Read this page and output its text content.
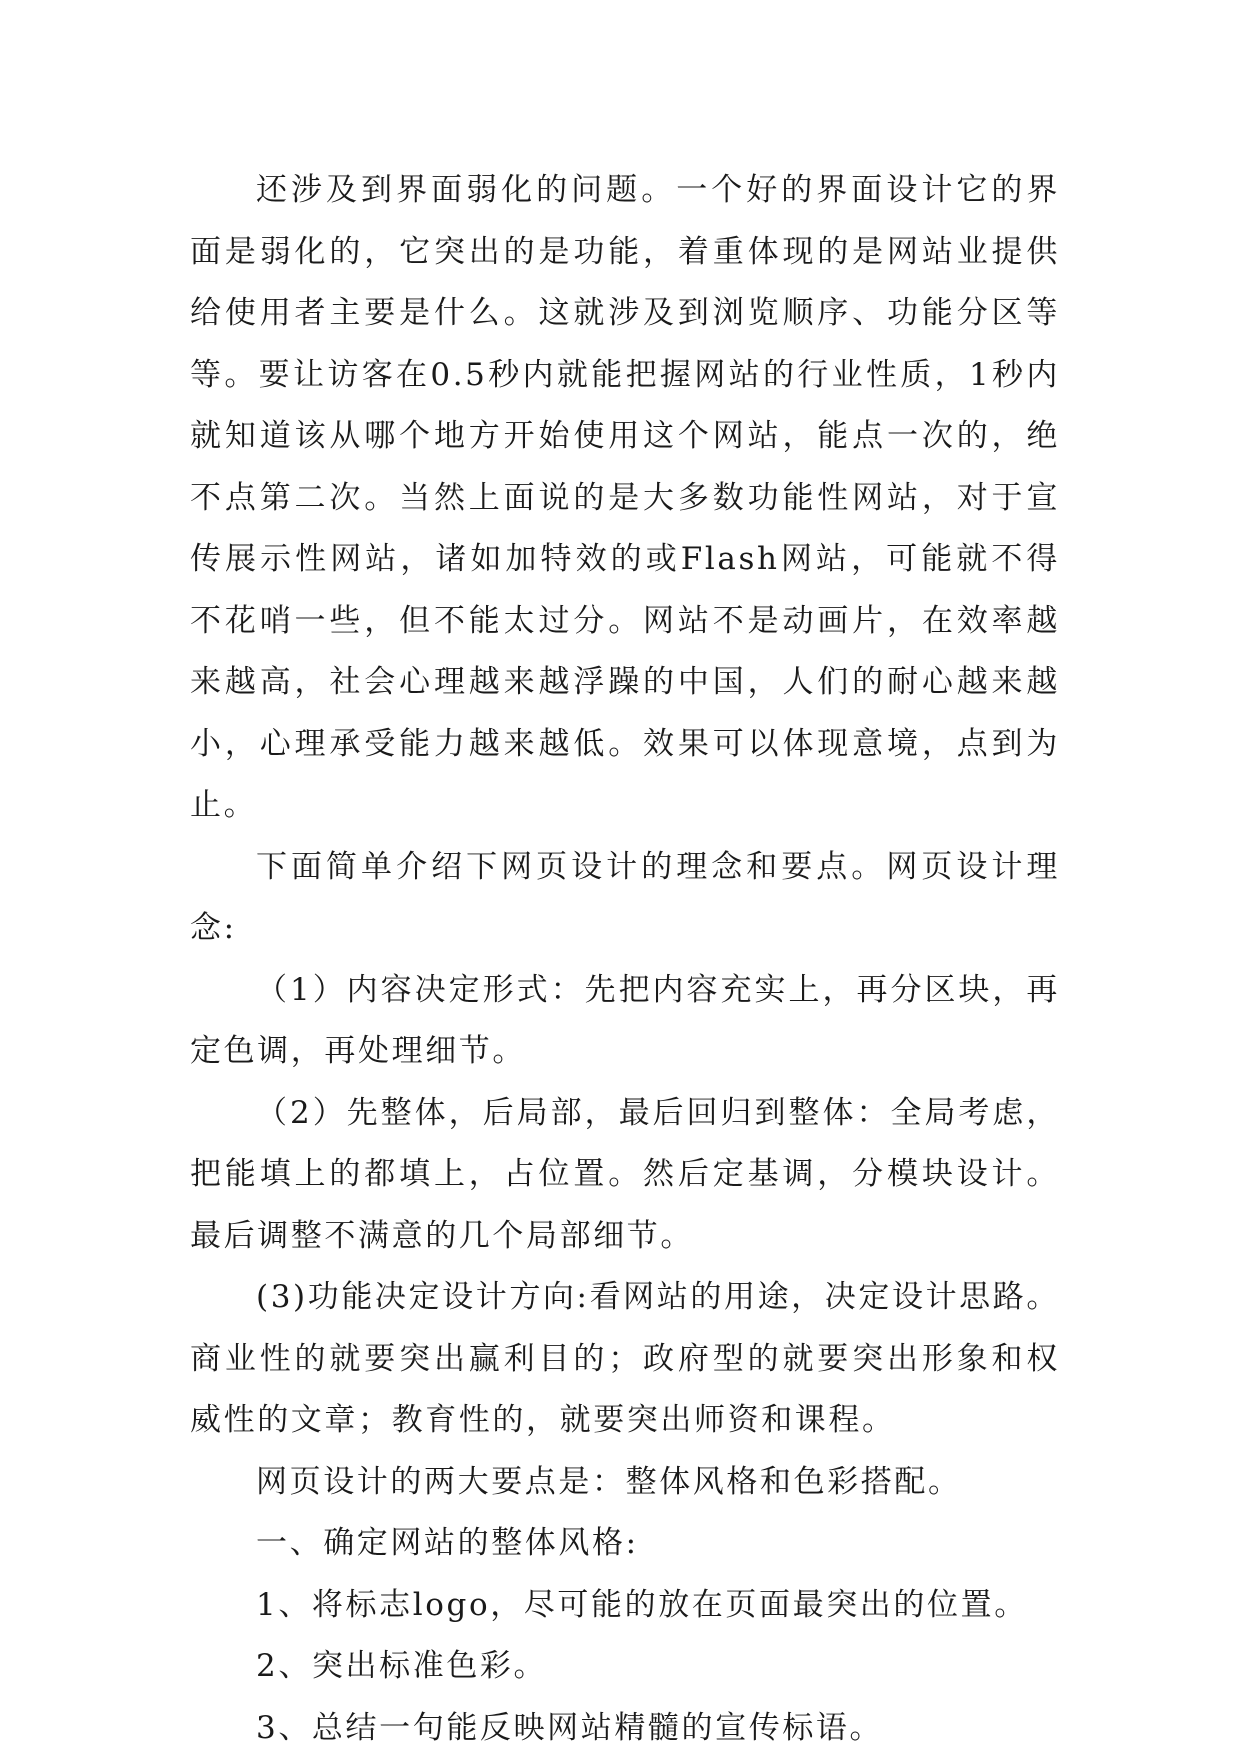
还涉及到界面弱化的问题。一个好的界面设计它的界面是弱化的，它突出的是功能，着重体现的是网站业提供给使用者主要是什么。这就涉及到浏览顺序、功能分区等等。要让访客在0.5秒内就能把握网站的行业性质，1秒内就知道该从哪个地方开始使用这个网站，能点一次的，绝不点第二次。当然上面说的是大多数功能性网站，对于宣传展示性网站，诸如加特效的或Flash网站，可能就不得不花哨一些，但不能太过分。网站不是动画片，在效率越来越高，社会心理越来越浮躁的中国，人们的耐心越来越小，心理承受能力越来越低。效果可以体现意境，点到为止。

下面简单介绍下网页设计的理念和要点。网页设计理念:

（1）内容决定形式：先把内容充实上，再分区块，再定色调，再处理细节。

（2）先整体，后局部，最后回归到整体：全局考虑，把能填上的都填上，占位置。然后定基调，分模块设计。最后调整不满意的几个局部细节。

(3)功能决定设计方向:看网站的用途，决定设计思路。商业性的就要突出赢利目的；政府型的就要突出形象和权威性的文章；教育性的，就要突出师资和课程。

网页设计的两大要点是：整体风格和色彩搭配。

一、确定网站的整体风格:

1、将标志logo，尽可能的放在页面最突出的位置。

2、突出标准色彩。

3、总结一句能反映网站精髓的宣传标语。
